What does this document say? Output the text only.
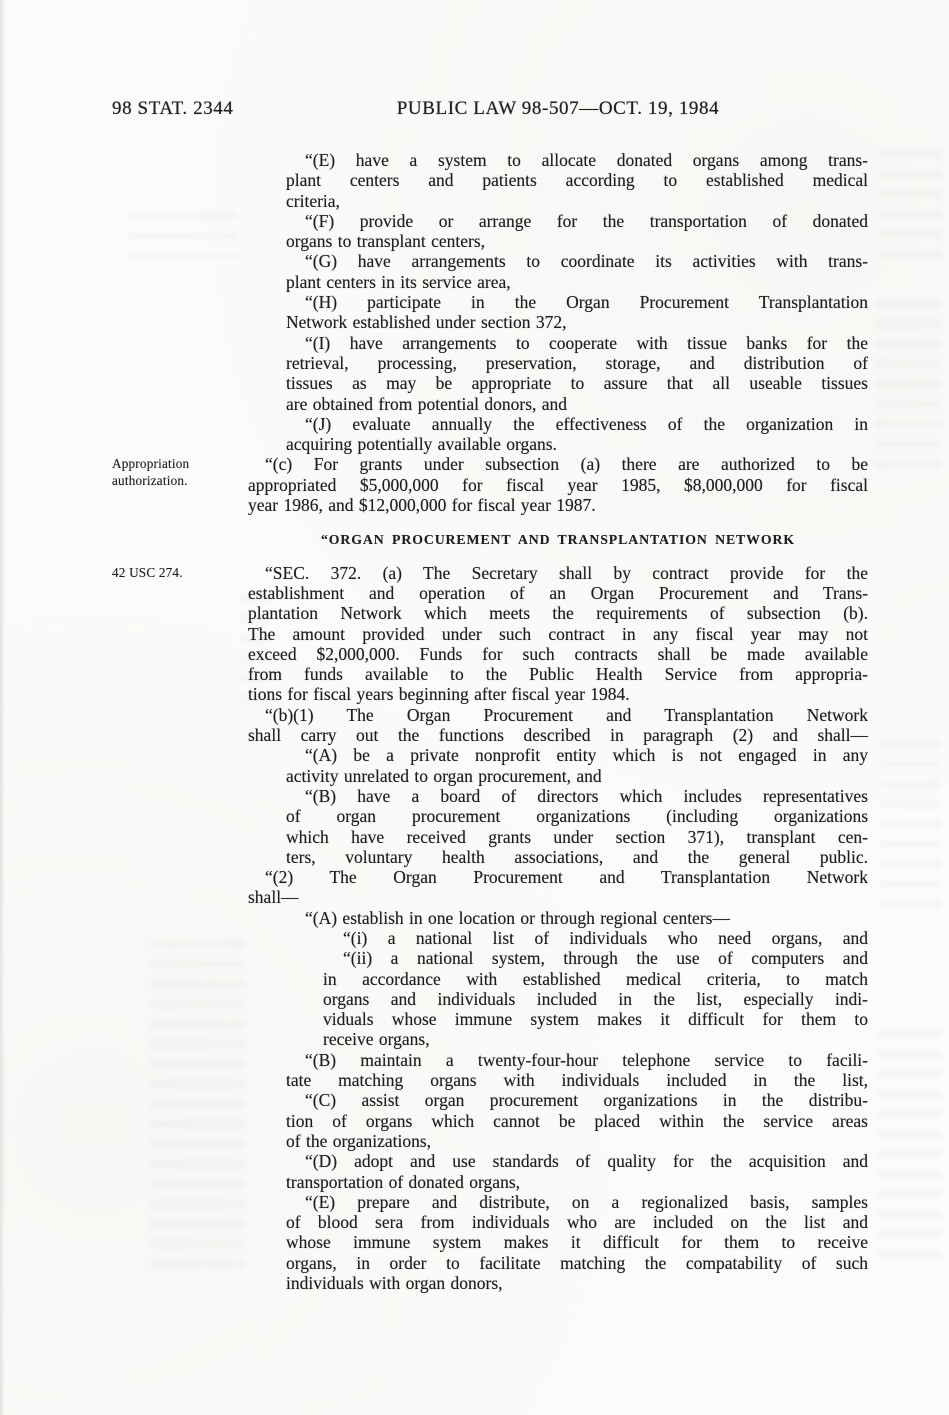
98 STAT. 2344	PUBLIC LAW 98-507—OCT. 19, 1984
“(E) have a system to allocate donated organs among trans-
plant centers and patients according to established medical
criteria,
“(F) provide or arrange for the transportation of donated
organs to transplant centers,
“(G) have arrangements to coordinate its activities with trans-
plant centers in its service area,
“(H) participate in the Organ Procurement Transplantation
Network established under section 372,
“(I) have arrangements to cooperate with tissue banks for the
retrieval, processing, preservation, storage, and distribution of
tissues as may be appropriate to assure that all useable tissues
are obtained from potential donors, and
“(J) evaluate annually the effectiveness of the organization in
acquiring potentially available organs.
Appropriation authorization.
“(c) For grants under subsection (a) there are authorized to be
appropriated $5,000,000 for fiscal year 1985, $8,000,000 for fiscal
year 1986, and $12,000,000 for fiscal year 1987.
“ORGAN PROCUREMENT AND TRANSPLANTATION NETWORK
42 USC 274.	“SEC. 372. (a) The Secretary shall by contract provide for the
establishment and operation of an Organ Procurement and Trans-
plantation Network which meets the requirements of subsection (b).
The amount provided under such contract in any fiscal year may not
exceed $2,000,000. Funds for such contracts shall be made available
from funds available to the Public Health Service from appropria-
tions for fiscal years beginning after fiscal year 1984.
“(b)(1) The Organ Procurement and Transplantation Network
shall carry out the functions described in paragraph (2) and shall—
“(A) be a private nonprofit entity which is not engaged in any
activity unrelated to organ procurement, and
“(B) have a board of directors which includes representatives
of organ procurement organizations (including organizations
which have received grants under section 371), transplant cen-
ters, voluntary health associations, and the general public.
“(2) The Organ Procurement and Transplantation Network
shall—
“(A) establish in one location or through regional centers—
“(i) a national list of individuals who need organs, and
“(ii) a national system, through the use of computers and
in accordance with established medical criteria, to match
organs and individuals included in the list, especially indi-
viduals whose immune system makes it difficult for them to
receive organs,
“(B) maintain a twenty-four-hour telephone service to facili-
tate matching organs with individuals included in the list,
“(C) assist organ procurement organizations in the distribu-
tion of organs which cannot be placed within the service areas
of the organizations,
“(D) adopt and use standards of quality for the acquisition and
transportation of donated organs,
“(E) prepare and distribute, on a regionalized basis, samples
of blood sera from individuals who are included on the list and
whose immune system makes it difficult for them to receive
organs, in order to facilitate matching the compatability of such
individuals with organ donors,
